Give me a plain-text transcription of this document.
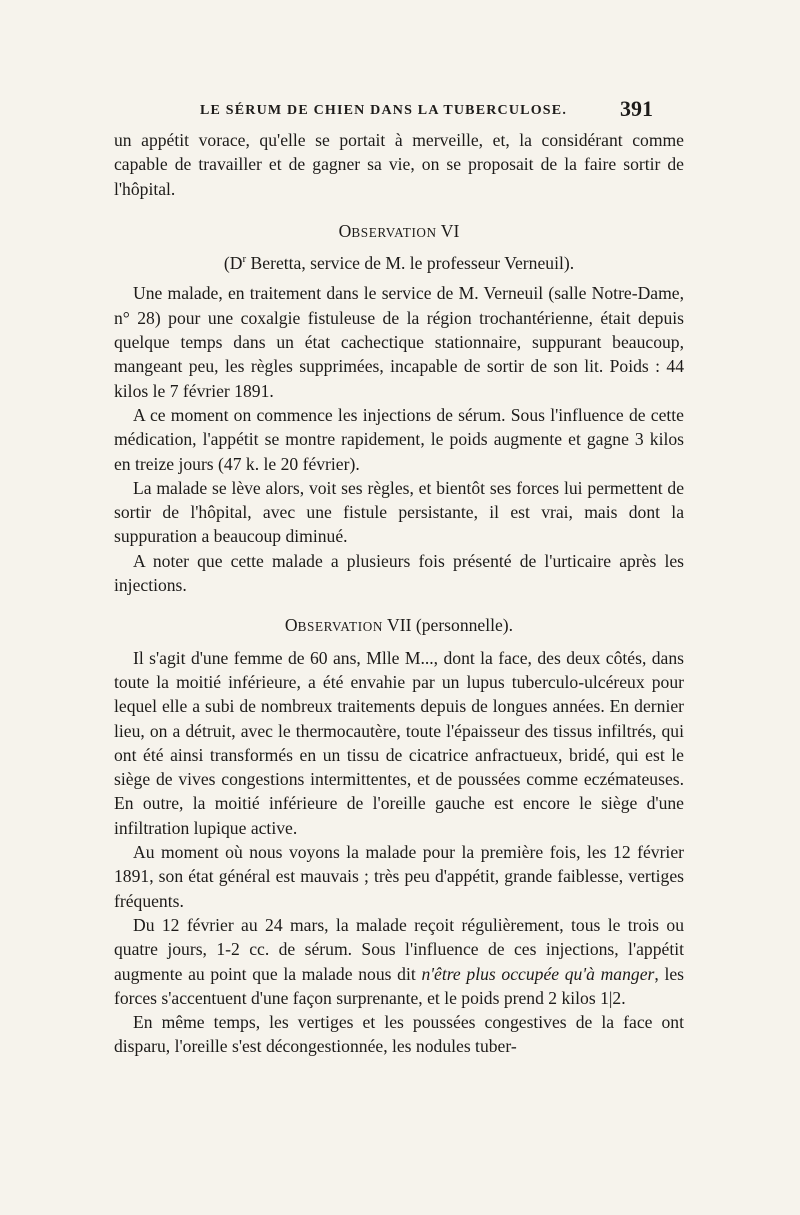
LE SÉRUM DE CHIEN DANS LA TUBERCULOSE. 391

un appétit vorace, qu'elle se portait à merveille, et, la considérant comme capable de travailler et de gagner sa vie, on se proposait de la faire sortir de l'hôpital.

OBSERVATION VI
($D^r$ Beretta, service de M. le professeur Verneuil).

Une malade, en traitement dans le service de M. Verneuil (salle Notre-Dame, n° 28) pour une coxalgie fistuleuse de la région trochantérienne, était depuis quelque temps dans un état cachectique stationnaire, suppurant beaucoup, mangeant peu, les règles supprimées, incapable de sortir de son lit. Poids : 44 kilos le 7 février 1891.

A ce moment on commence les injections de sérum. Sous l'influence de cette médication, l'appétit se montre rapidement, le poids augmente et gagne 3 kilos en treize jours (47 k. le 20 février).

La malade se lève alors, voit ses règles, et bientôt ses forces lui permettent de sortir de l'hôpital, avec une fistule persistante, il est vrai, mais dont la suppuration a beaucoup diminué.

A noter que cette malade a plusieurs fois présenté de l'urticaire après les injections.

OBSERVATION VII (personnelle).

Il s'agit d'une femme de 60 ans, Mlle M..., dont la face, des deux côtés, dans toute la moitié inférieure, a été envahie par un lupus tuberculo-ulcéreux pour lequel elle a subi de nombreux traitements depuis de longues années. En dernier lieu, on a détruit, avec le thermocautère, toute l'épaisseur des tissus infiltrés, qui ont été ainsi transformés en un tissu de cicatrice anfractueux, bridé, qui est le siège de vives congestions intermittentes, et de poussées comme eczémateuses. En outre, la moitié inférieure de l'oreille gauche est encore le siège d'une infiltration lupique active.

Au moment où nous voyons la malade pour la première fois, les 12 février 1891, son état général est mauvais ; très peu d'appétit, grande faiblesse, vertiges fréquents.

Du 12 février au 24 mars, la malade reçoit régulièrement, tous le trois ou quatre jours, 1-2 cc. de sérum. Sous l'influence de ces injections, l'appétit augmente au point que la malade nous dit n'être plus occupée qu'à manger, les forces s'accentuent d'une façon surprenante, et le poids prend 2 kilos 1|2.

En même temps, les vertiges et les poussées congestives de la face ont disparu, l'oreille s'est décongestionnée, les nodules tuber-
